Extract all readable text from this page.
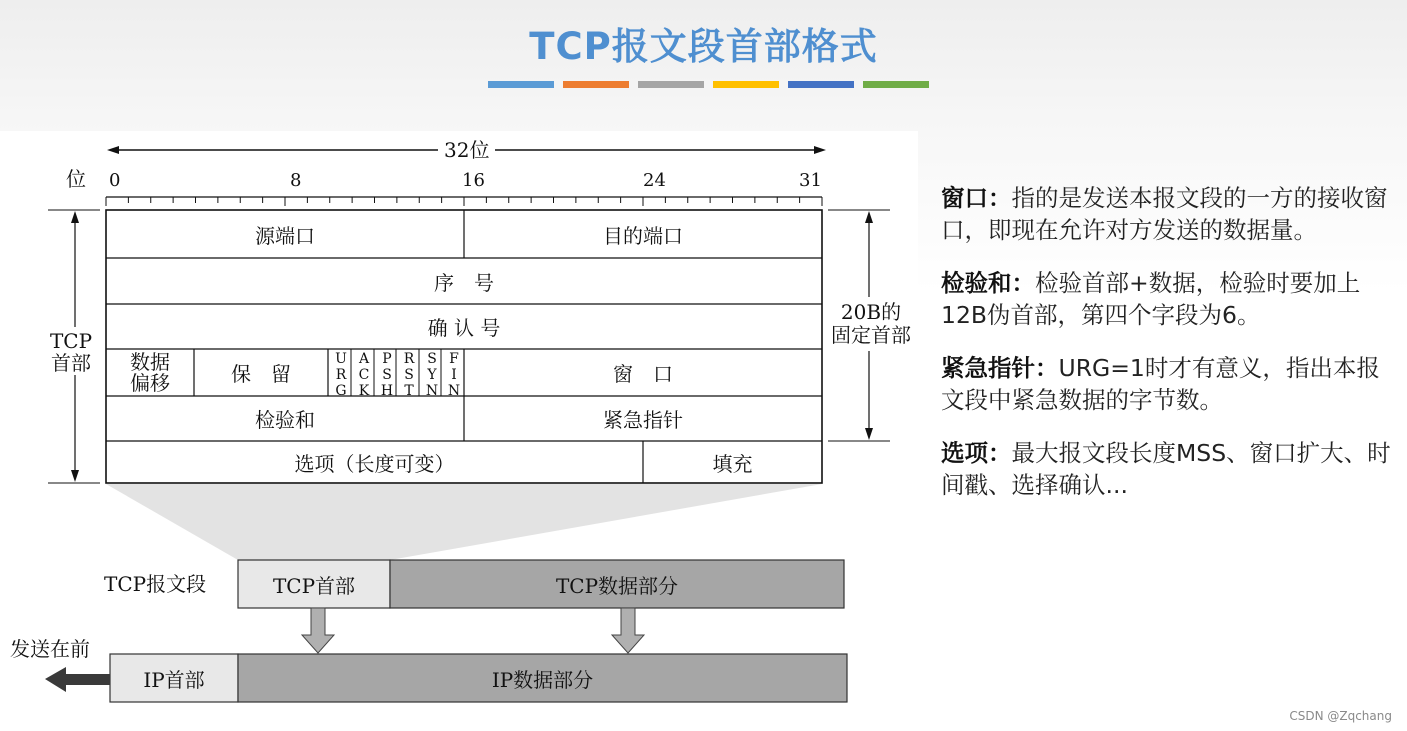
TCP报文段首部格式
32位
位 0	8	16	24	31
TCP
首部
20B的
固定首部
源端口	目的端口
序　号
确 认 号
数据
偏移	保　留	URG ACK PSH RST SYN FIN	窗　口
检验和	紧急指针
选项（长度可变）	填充
TCP报文段	TCP首部	TCP数据部分
发送在前
IP首部	IP数据部分

窗口：指的是发送本报文段的一方的接收窗口，即现在允许对方发送的数据量。

检验和：检验首部+数据，检验时要加上12B伪首部，第四个字段为6。

紧急指针：URG=1时才有意义，指出本报文段中紧急数据的字节数。

选项：最大报文段长度MSS、窗口扩大、时间戳、选择确认...

CSDN @Zqchang
